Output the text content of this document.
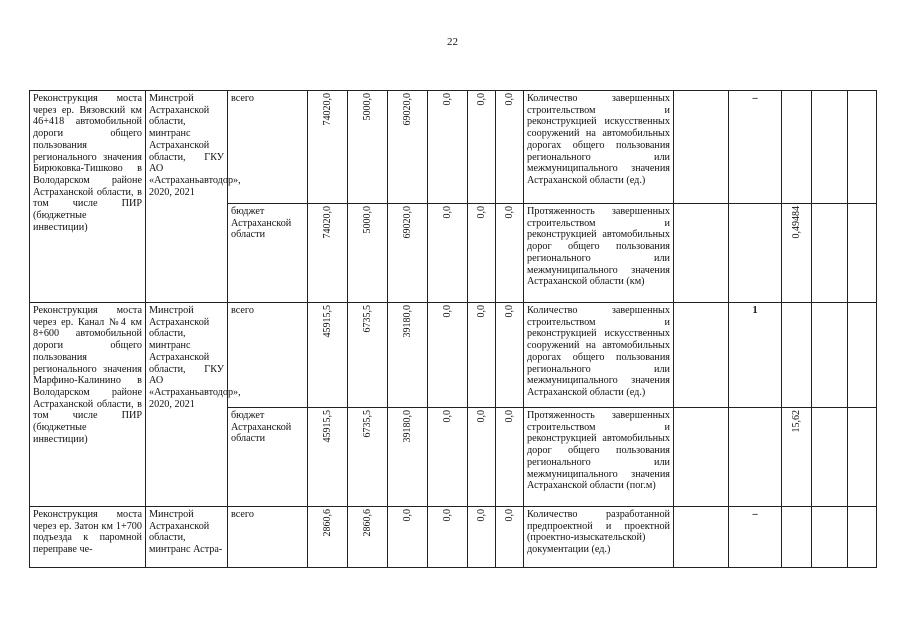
22
Реконструкция моста через ер. Вязовский км 46+418 автомобильной дороги общего пользования регионального значения Бирюковка-Тишково в Володарском районе Астраханской области, в том числе ПИР (бюджетные инвестиции)	Минстрой Астраханской области, минтранс Астраханской области, ГКУ АО «Астраханьавтодор», 2020, 2021	всего	74020,0	5000,0	69020,0	0,0	0,0	0,0	Количество завершенных строительством и реконструкцией искусственных сооружений на автомобильных дорогах общего пользования регионального или межмуниципального значения Астраханской области (ед.)		–			
		бюджет Астраханской области	74020,0	5000,0	69020,0	0,0	0,0	0,0	Протяженность завершенных строительством и реконструкцией автомобильных дорог общего пользования регионального или межмуниципального значения Астраханской области (км)			0,49484		
Реконструкция моста через ер. Канал №4 км 8+600 автомобильной дороги общего пользования регионального значения Марфино-Калинино в Володарском районе Астраханской области, в том числе ПИР (бюджетные инвестиции)	Минстрой Астраханской области, минтранс Астраханской области, ГКУ АО «Астраханьавтодор», 2020, 2021	всего	45915,5	6735,5	39180,0	0,0	0,0	0,0	Количество завершенных строительством и реконструкцией искусственных сооружений на автомобильных дорогах общего пользования регионального или межмуниципального значения Астраханской области (ед.)		1			
		бюджет Астраханской области	45915,5	6735,5	39180,0	0,0	0,0	0,0	Протяженность завершенных строительством и реконструкцией автомобильных дорог общего пользования регионального или межмуниципального значения Астраханской области (пог.м)			15,62		
Реконструкция моста через ер. Затон км 1+700 подъезда к паромной переправе че-	Минстрой Астраханской области, минтранс Астра-	всего	2860,6	2860,6	0,0	0,0	0,0	0,0	Количество разработанной предпроектной и проектной (проектно-изыскательской) документации (ед.)		–			
